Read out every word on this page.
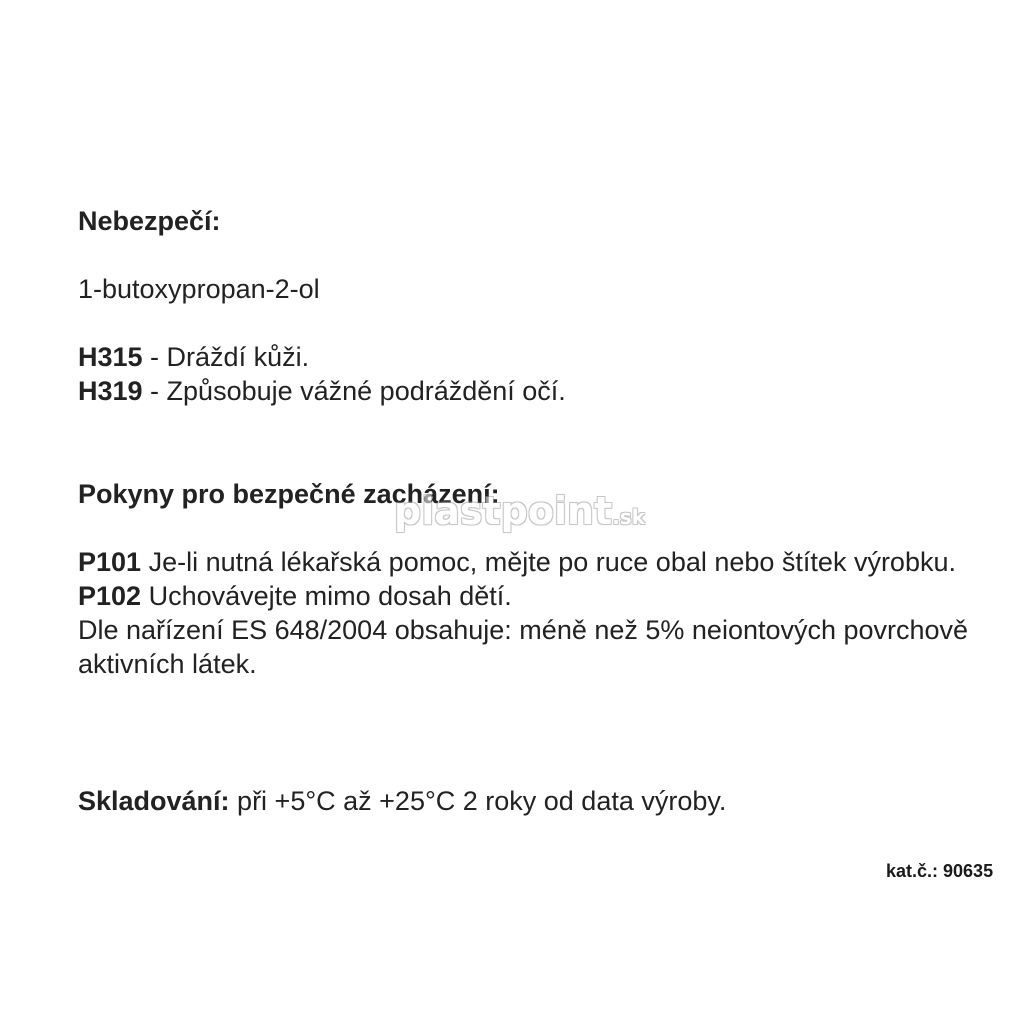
Nebezpečí:
1-butoxypropan-2-ol

H315 - Dráždí kůži.

H319 - Způsobuje vážné podráždění očí.

Pokyny pro bezpečné zacházení:

P101 Je-li nutná lékařská pomoc, mějte po ruce obal nebo štítek výrobku.

P102 Uchovávejte mimo dosah dětí.

Dle nařízení ES 648/2004 obsahuje: méně než 5% neiontových povrchově aktivních látek.

Skladování: při +5°C až +25°C 2 roky od data výroby.
kat.č.: 90635
plastpoint.sk
